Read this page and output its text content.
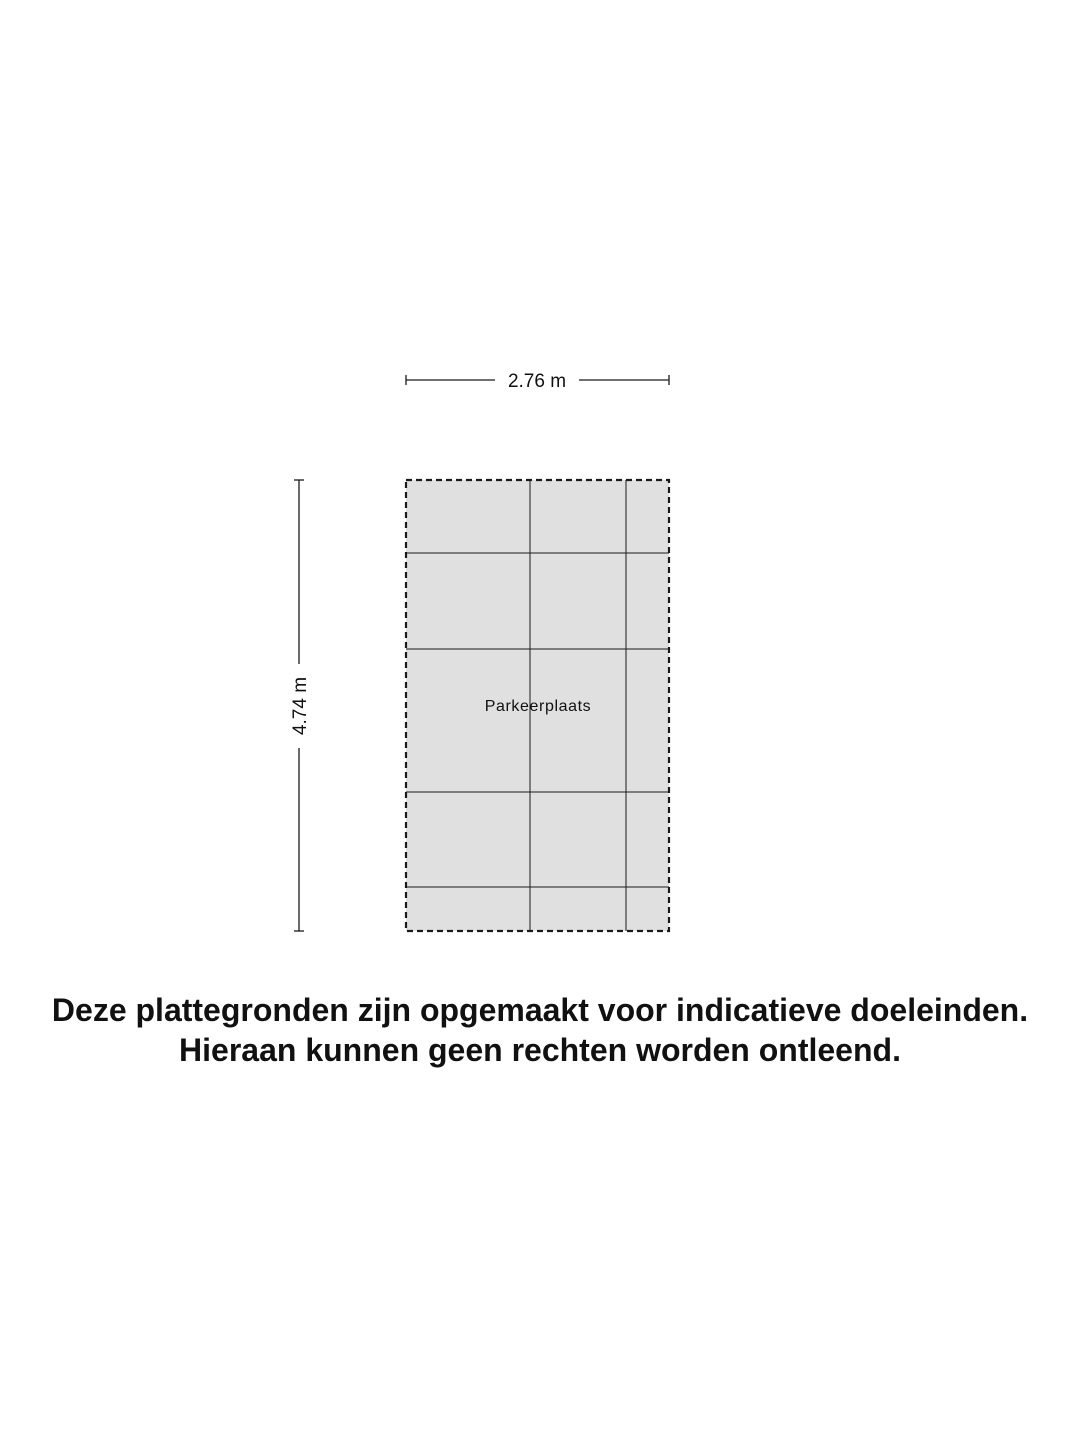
2.76 m
4.74 m	Parkeerplaats
Deze plattegronden zijn opgemaakt voor indicatieve doeleinden.
Hieraan kunnen geen rechten worden ontleend.
